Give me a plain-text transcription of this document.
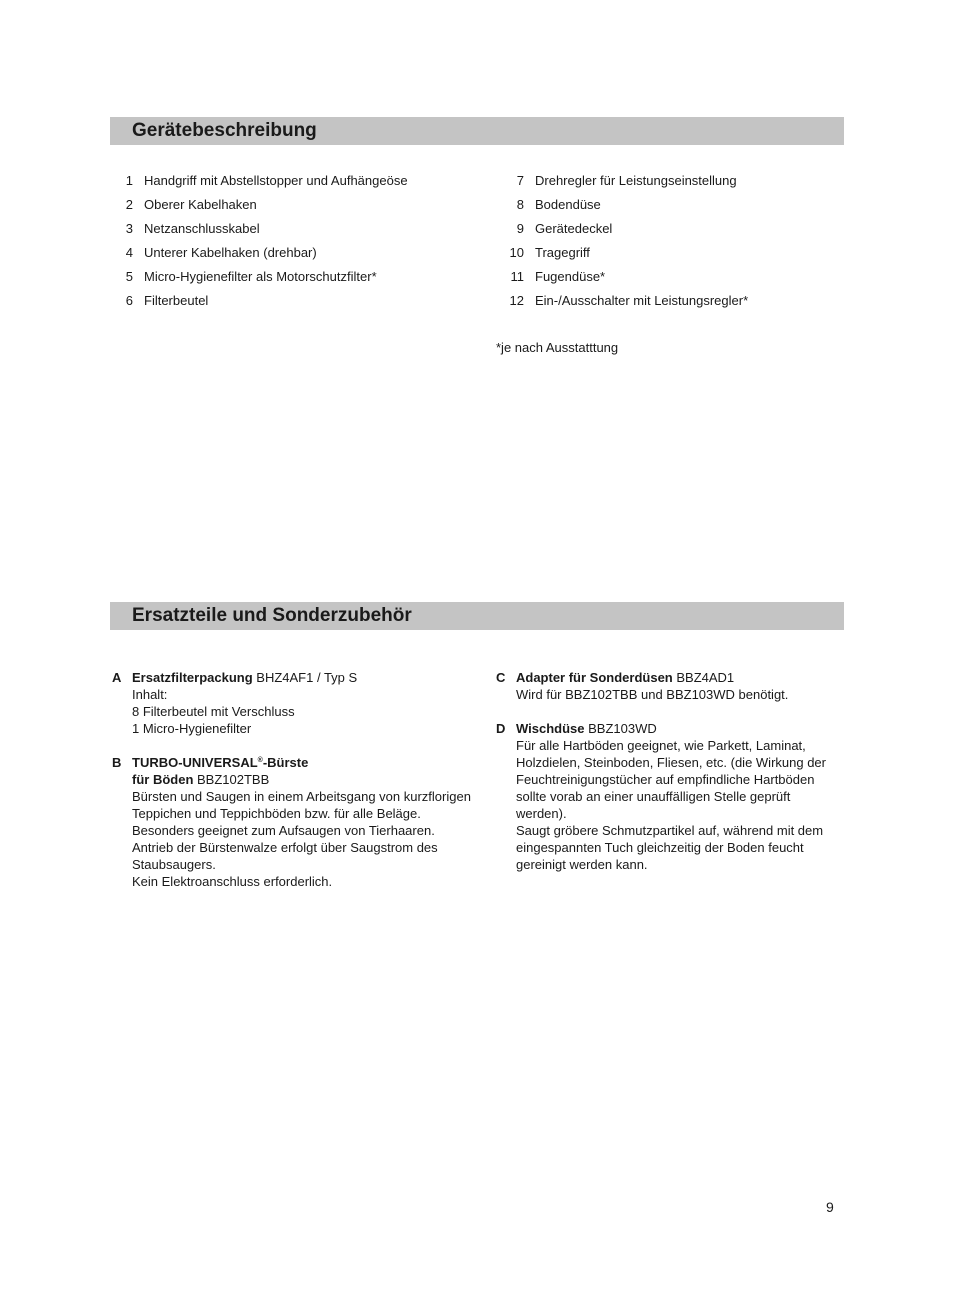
Gerätebeschreibung
1 Handgriff mit Abstellstopper und Aufhängeöse
2 Oberer Kabelhaken
3 Netzanschlusskabel
4 Unterer Kabelhaken (drehbar)
5 Micro-Hygienefilter als Motorschutzfilter*
6 Filterbeutel
7 Drehregler für Leistungseinstellung
8 Bodendüse
9 Gerätedeckel
10 Tragegriff
11 Fugendüse*
12 Ein-/Ausschalter mit Leistungsregler*
*je nach Ausstatttung
Ersatzteile und Sonderzubehör
A Ersatzfilterpackung BHZ4AF1 / Typ S
Inhalt:
8 Filterbeutel mit Verschluss
1 Micro-Hygienefilter
B TURBO-UNIVERSAL®-Bürste
für Böden BBZ102TBB
Bürsten und Saugen in einem Arbeitsgang von kurzflorigen
Teppichen und Teppichböden bzw. für alle Beläge.
Besonders geeignet zum Aufsaugen von Tierhaaren.
Antrieb der Bürstenwalze erfolgt über Saugstrom des
Staubsaugers.
Kein Elektroanschluss erforderlich.
C Adapter für Sonderdüsen BBZ4AD1
Wird für BBZ102TBB und BBZ103WD benötigt.
D Wischdüse BBZ103WD
Für alle Hartböden geeignet, wie Parkett, Laminat,
Holzdielen, Steinboden, Fliesen, etc. (die Wirkung der
Feuchtreinigungstücher auf empfindliche Hartböden
sollte vorab an einer unauffälligen Stelle geprüft
werden).
Saugt gröbere Schmutzpartikel auf, während mit dem
eingespannten Tuch gleichzeitig der Boden feucht
gereinigt werden kann.
9
